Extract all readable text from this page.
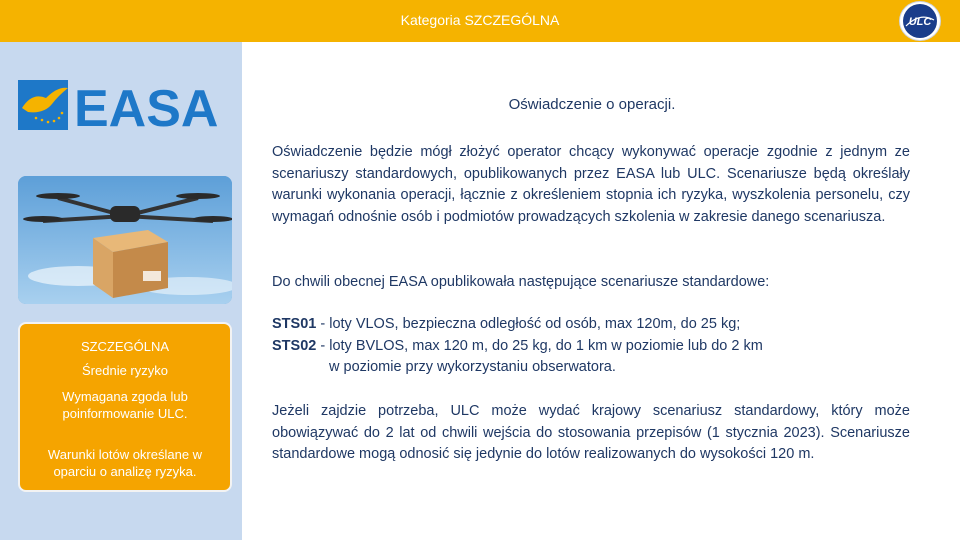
Kategoria SZCZEGÓLNA	ULC
EASA
SZCZEGÓLNA
Średnie ryzyko
Wymagana zgoda lub
poinformowanie ULC.
Warunki lotów określane w
oparciu o analizę ryzyka.
Oświadczenie o operacji.

Oświadczenie będzie mógł złożyć operator chcący wykonywać operacje zgodnie z jednym ze scenariuszy standardowych, opublikowanych przez EASA lub ULC. Scenariusze będą określały warunki wykonania operacji, łącznie z określeniem stopnia ich ryzyka, wyszkolenia personelu, czy wymagań odnośnie osób i podmiotów prowadzących szkolenia w zakresie danego scenariusza.

Do chwili obecnej EASA opublikowała następujące scenariusze standardowe:

STS01 - loty VLOS, bezpieczna odległość od osób, max 120m, do 25 kg;
STS02 - loty BVLOS, max 120 m, do 25 kg, do 1 km w poziomie lub do 2 km
w poziomie przy wykorzystaniu obserwatora.

Jeżeli zajdzie potrzeba, ULC może wydać krajowy scenariusz standardowy, który może obowiązywać do 2 lat od chwili wejścia do stosowania przepisów (1 stycznia 2023). Scenariusze standardowe mogą odnosić się jedynie do lotów realizowanych do wysokości 120 m.
